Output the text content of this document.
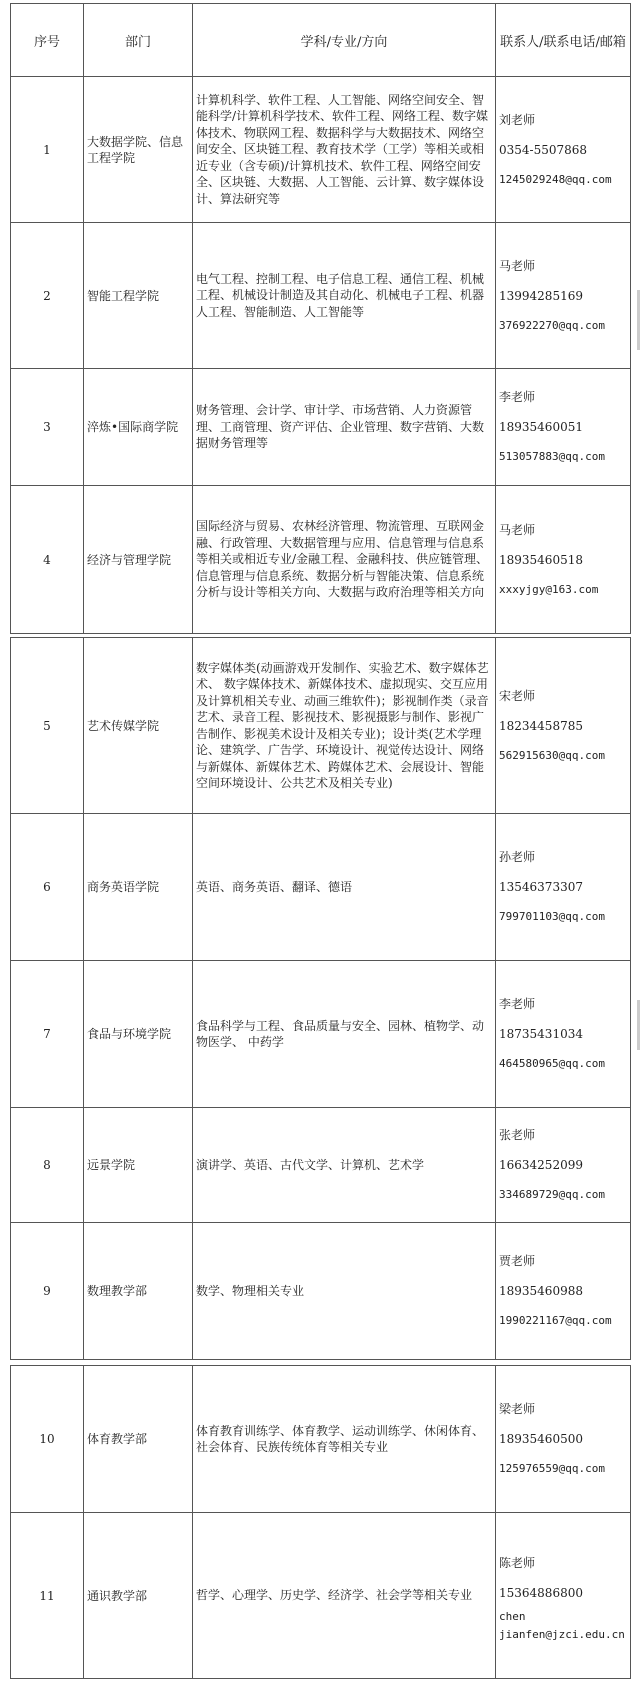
序号	部门	学科/专业/方向	联系人/联系电话/邮箱
1	大数据学院、信息工程学院	计算机科学、软件工程、人工智能、网络空间安全、智能科学/计算机科学技术、软件工程、网络工程、数字媒体技术、物联网工程、数据科学与大数据技术、网络空间安全、区块链工程、教育技术学（工学）等相关或相近专业（含专硕)/计算机技术、软件工程、网络空间安全、区块链、大数据、人工智能、云计算、数字媒体设计、算法研究等	刘老师
0354-5507868
1245029248@qq.com

2	智能工程学院	电气工程、控制工程、电子信息工程、通信工程、机械工程、机械设计制造及其自动化、机械电子工程、机器人工程、智能制造、人工智能等	马老师
13994285169
376922270@qq.com

3	淬炼•国际商学院	财务管理、会计学、审计学、市场营销、人力资源管理、工商管理、资产评估、企业管理、数字营销、大数据财务管理等	李老师
18935460051
513057883@qq.com

4	经济与管理学院	国际经济与贸易、农林经济管理、物流管理、互联网金融、行政管理、大数据管理与应用、信息管理与信息系等相关或相近专业/金融工程、金融科技、供应链管理、信息管理与信息系统、数据分析与智能决策、信息系统分析与设计等相关方向、大数据与政府治理等相关方向	马老师
18935460518
xxxyjgy@163.com
5	艺术传媒学院	数字媒体类(动画游戏开发制作、实验艺术、数字媒体艺术、 数字媒体技术、新媒体技术、虚拟现实、交互应用及计算机相关专业、动画三维软件)；影视制作类（录音艺术、录音工程、影视技术、影视摄影与制作、影视广告制作、影视美术设计及相关专业)；设计类(艺术学理论、建筑学、广告学、环境设计、视觉传达设计、网络与新媒体、新媒体艺术、跨媒体艺术、会展设计、智能空间环境设计、公共艺术及相关专业)	宋老师
18234458785
562915630@qq.com

6	商务英语学院	英语、商务英语、翻译、德语	孙老师
13546373307
799701103@qq.com

7	食品与环境学院	食品科学与工程、食品质量与安全、园林、植物学、动物医学、 中药学	李老师
18735431034
464580965@qq.com

8	远景学院	演讲学、英语、古代文学、计算机、艺术学	张老师
16634252099
334689729@qq.com

9	数理教学部	数学、物理相关专业	贾老师
18935460988
1990221167@qq.com
10	体育教学部	体育教育训练学、体育教学、运动训练学、休闲体育、社会体育、民族传统体育等相关专业	梁老师
18935460500
125976559@qq.com

11	通识教学部	哲学、心理学、历史学、经济学、社会学等相关专业	陈老师
15364886800
chen jianfen@jzci.edu.cn
